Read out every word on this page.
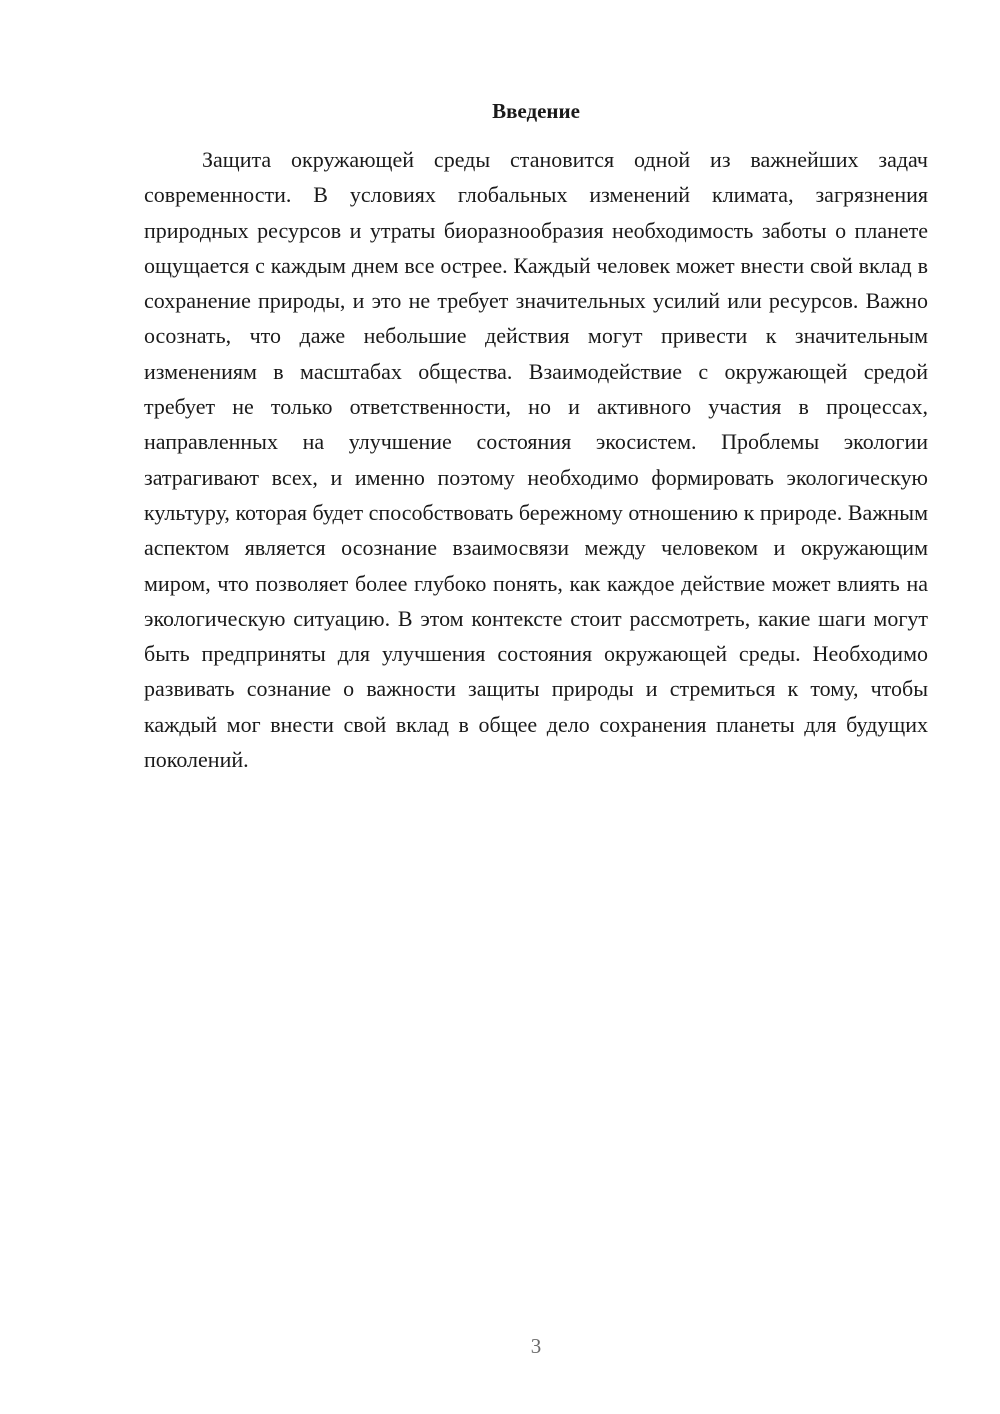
Введение

Защита окружающей среды становится одной из важнейших задач современности. В условиях глобальных изменений климата, загрязнения природных ресурсов и утраты биоразнообразия необходимость заботы о планете ощущается с каждым днем все острее. Каждый человек может внести свой вклад в сохранение природы, и это не требует значительных усилий или ресурсов. Важно осознать, что даже небольшие действия могут привести к значительным изменениям в масштабах общества. Взаимодействие с окружающей средой требует не только ответственности, но и активного участия в процессах, направленных на улучшение состояния экосистем. Проблемы экологии затрагивают всех, и именно поэтому необходимо формировать экологическую культуру, которая будет способствовать бережному отношению к природе. Важным аспектом является осознание взаимосвязи между человеком и окружающим миром, что позволяет более глубоко понять, как каждое действие может влиять на экологическую ситуацию. В этом контексте стоит рассмотреть, какие шаги могут быть предприняты для улучшения состояния окружающей среды. Необходимо развивать сознание о важности защиты природы и стремиться к тому, чтобы каждый мог внести свой вклад в общее дело сохранения планеты для будущих поколений.

3
